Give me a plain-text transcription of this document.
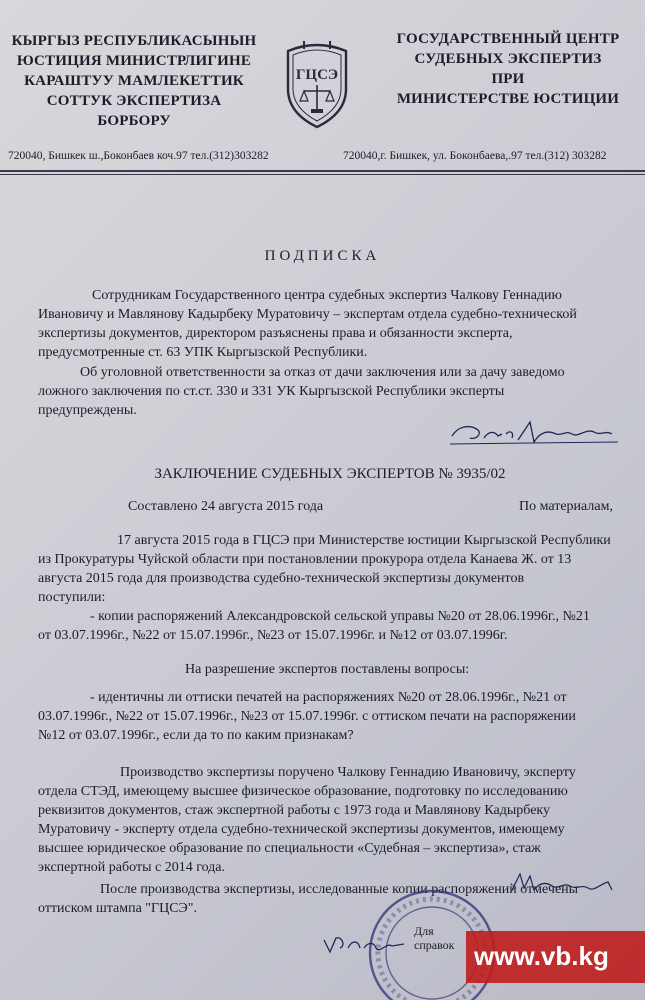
КЫРГЫЗ РЕСПУБЛИКАСЫНЫН
ЮСТИЦИЯ МИНИСТРЛИГИНЕ
КАРАШТУУ МАМЛЕКЕТТИК
СОТТУК ЭКСПЕРТИЗА
БОРБОРУ
ГЦСЭ
ГОСУДАРСТВЕННЫЙ ЦЕНТР
СУДЕБНЫХ ЭКСПЕРТИЗ
ПРИ
МИНИСТЕРСТВЕ ЮСТИЦИИ
720040, Бишкек ш.,Боконбаев коч.97 тел.(312)303282	720040,г. Бишкек, ул. Боконбаева,.97 тел.(312) 303282
ПОДПИСКА
Сотрудникам Государственного центра судебных экспертиз Чалкову Геннадию
Ивановичу и Мавлянову Кадырбеку Муратовичу – экспертам отдела судебно-технической
экспертизы документов, директором разъяснены права и обязанности эксперта,
предусмотренные ст. 63 УПК Кыргызской Республики.
Об уголовной ответственности за отказ от дачи заключения или за дачу заведомо
ложного заключения по ст.ст. 330 и 331 УК Кыргызской Республики эксперты
предупреждены.
ЗАКЛЮЧЕНИЕ СУДЕБНЫХ ЭКСПЕРТОВ № 3935/02
Составлено 24 августа 2015 года	По материалам,
17 августа 2015 года в ГЦСЭ при Министерстве юстиции Кыргызской Республики
из Прокуратуры Чуйской области при постановлении прокурора отдела Канаева Ж. от 13
августа 2015 года для производства судебно-технической экспертизы документов
поступили:
- копии распоряжений Александровской сельской управы №20 от 28.06.1996г., №21
от 03.07.1996г., №22 от 15.07.1996г., №23 от 15.07.1996г. и №12 от 03.07.1996г.
На разрешение экспертов поставлены вопросы:
- идентичны ли оттиски печатей на распоряжениях №20 от 28.06.1996г., №21 от
03.07.1996г., №22 от 15.07.1996г., №23 от 15.07.1996г. с оттиском печати на распоряжении
№12 от 03.07.1996г., если да то по каким признакам?
Производство экспертизы поручено Чалкову Геннадию Ивановичу, эксперту
отдела СТЭД, имеющему высшее физическое образование, подготовку по исследованию
реквизитов документов, стаж экспертной работы с 1973 года и Мавлянову Кадырбеку
Муратовичу - эксперту отдела судебно-технической экспертизы документов, имеющему
высшее юридическое образование по специальности «Судебная – экспертиза», стаж
экспертной работы с 2014 года.
После производства экспертизы, исследованные копии распоряжений отмечены
оттиском штампа "ГЦСЭ".
Для
справок www.vb.kg
